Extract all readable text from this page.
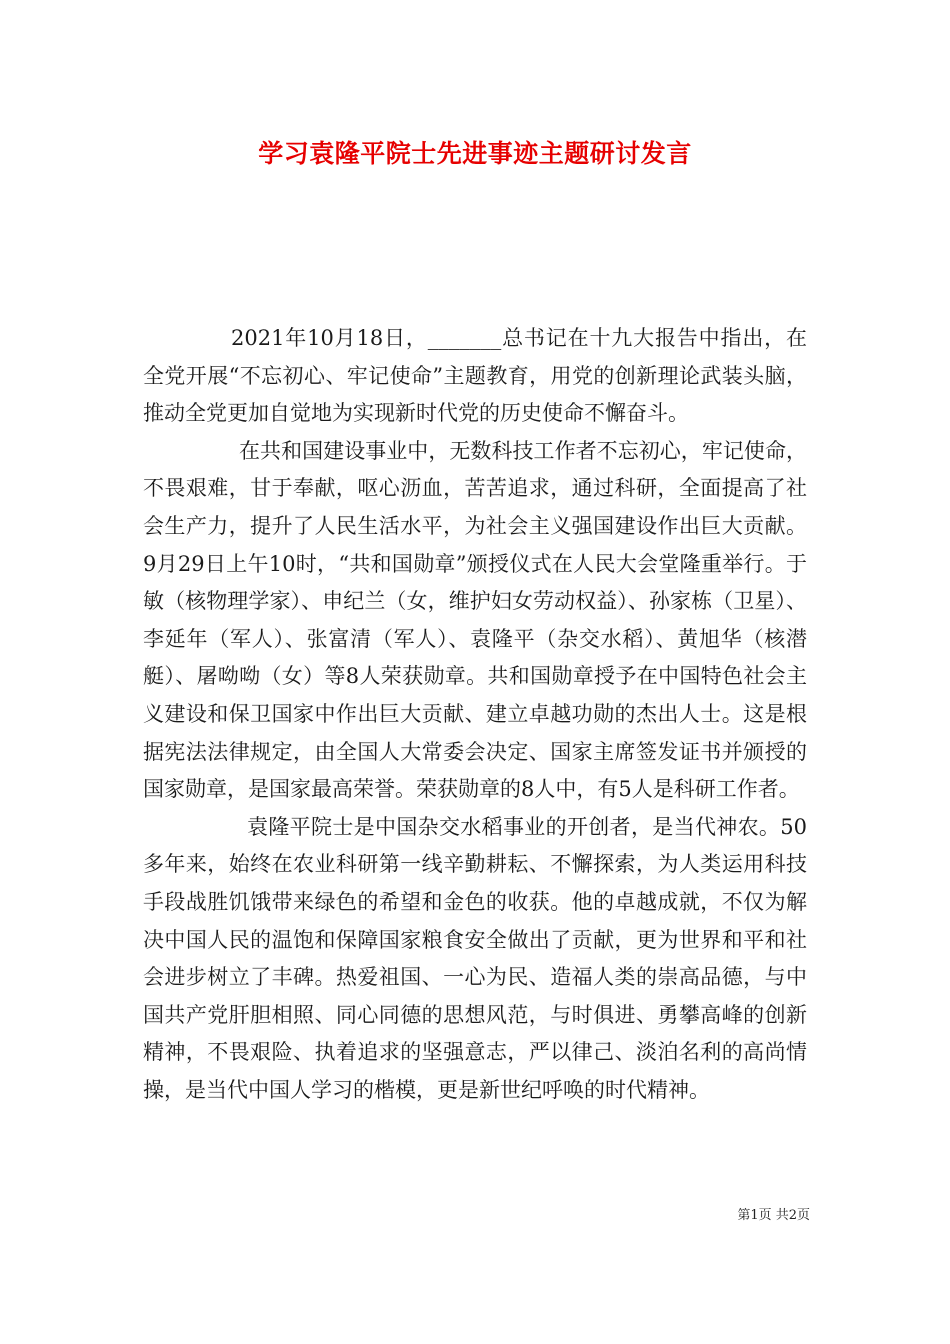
学习袁隆平院士先进事迹主题研讨发言

2021年10月18日，_______总书记在十九大报告中指出，在全党开展“不忘初心、牢记使命”主题教育，用党的创新理论武装头脑，推动全党更加自觉地为实现新时代党的历史使命不懈奋斗。

在共和国建设事业中，无数科技工作者不忘初心，牢记使命，不畏艰难，甘于奉献，呕心沥血，苦苦追求，通过科研，全面提高了社会生产力，提升了人民生活水平，为社会主义强国建设作出巨大贡献。9月29日上午10时，“共和国勋章”颁授仪式在人民大会堂隆重举行。于敏（核物理学家）、申纪兰（女，维护妇女劳动权益）、孙家栋（卫星）、李延年（军人）、张富清（军人）、袁隆平（杂交水稻）、黄旭华（核潜艇）、屠呦呦（女）等8人荣获勋章。共和国勋章授予在中国特色社会主义建设和保卫国家中作出巨大贡献、建立卓越功勋的杰出人士。这是根据宪法法律规定，由全国人大常委会决定、国家主席签发证书并颁授的国家勋章，是国家最高荣誉。荣获勋章的8人中，有5人是科研工作者。

袁隆平院士是中国杂交水稻事业的开创者，是当代神农。50多年来，始终在农业科研第一线辛勤耕耘、不懈探索，为人类运用科技手段战胜饥饿带来绿色的希望和金色的收获。他的卓越成就，不仅为解决中国人民的温饱和保障国家粮食安全做出了贡献，更为世界和平和社会进步树立了丰碑。热爱祖国、一心为民、造福人类的崇高品德，与中国共产党肝胆相照、同心同德的思想风范，与时俱进、勇攀高峰的创新精神，不畏艰险、执着追求的坚强意志，严以律己、淡泊名利的高尚情操，是当代中国人学习的楷模，更是新世纪呼唤的时代精神。

第1页 共2页
